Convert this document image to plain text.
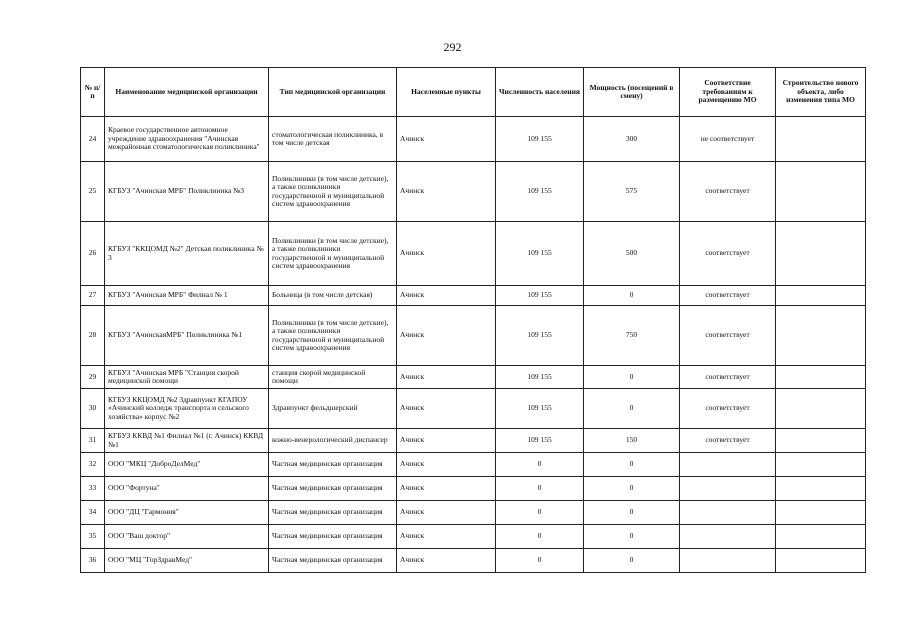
292
№ п/п	Наименование медицинской организации	Тип медицинской организации	Населенные пункты	Численность населения	Мощность (посещений в смену)	Соответствие требованиям к размещению МО	Строительство нового объекта, либо изменения типа МО
24	Краевое государственное автономное учреждение здравоохранения "Ачинская межрайонная стоматологическая поликлиника"	стоматологическая поликлиника, в том числе детская	Ачинск	109 155	300	не соответствует	
25	КГБУЗ "Ачинская МРБ" Поликлиника №3	Поликлиники (в том числе детские), а также поликлиники государственной и муниципальной систем здравоохранения	Ачинск	109 155	575	соответствует	
26	КГБУЗ "ККЦОМД №2" Детская поликлиника № 3	Поликлиники (в том числе детские), а также поликлиники государственной и муниципальной систем здравоохранения	Ачинск	109 155	500	соответствует	
27	КГБУЗ "Ачинская МРБ" Филиал № 1	Больница (в том числе детская)	Ачинск	109 155	0	соответствует	
28	КГБУЗ "АчинскаяМРБ" Поликлиника №1	Поликлиники (в том числе детские), а также поликлиники государственной и муниципальной систем здравоохранения	Ачинск	109 155	750	соответствует	
29	КГБУЗ "Ачинская МРБ "Станция скорой медицинской помощи	станция скорой медицинской помощи	Ачинск	109 155	0	соответствует	
30	КГБУЗ ККЦОМД №2 Здравпункт КГАПОУ «Ачинский колледж транспорта и сельского хозяйства» корпус №2	Здравпункт фельдшерский	Ачинск	109 155	0	соответствует	
31	КГБУЗ ККВД №1 Филиал №1 (г. Ачинск) ККВД №1	кожно-венерологический диспансер	Ачинск	109 155	150	соответствует	
32	ООО "МКЦ "ДоброДелМед"	Частная медицинская организация	Ачинск	0	0		
33	ООО "Фортуна"	Частная медицинская организация	Ачинск	0	0		
34	ООО "ДЦ "Гармония"	Частная медицинская организация	Ачинск	0	0		
35	ООО "Ваш доктор"	Частная медицинская организация	Ачинск	0	0		
36	ООО "МЦ "ГорЗдравМед"	Частная медицинская организация	Ачинск	0	0		
